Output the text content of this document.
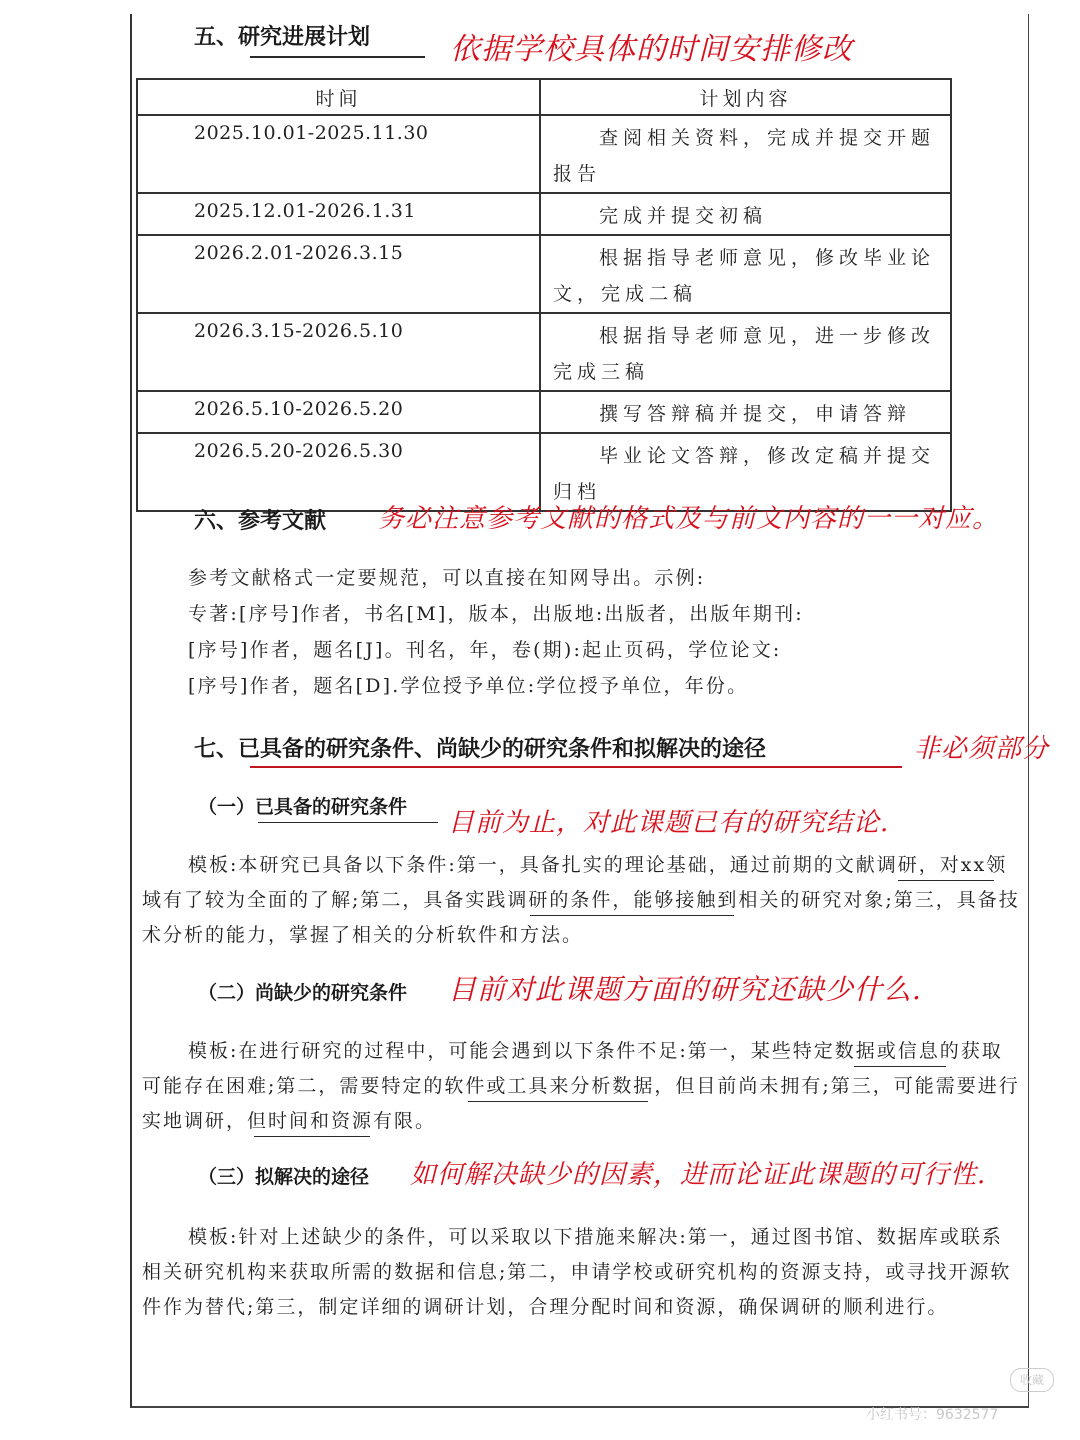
五、研究进展计划	依据学校具体的时间安排修改
时间	计划内容
2025.10.01-2025.11.30	查阅相关资料，完成并提交开题报告
2025.12.01-2026.1.31	完成并提交初稿
2026.2.01-2026.3.15	根据指导老师意见，修改毕业论文，完成二稿
2026.3.15-2026.5.10	根据指导老师意见，进一步修改完成三稿
2026.5.10-2026.5.20	撰写答辩稿并提交，申请答辩
2026.5.20-2026.5.30	毕业论文答辩，修改定稿并提交归档
六、参考文献 务必注意参考文献的格式及与前文内容的一一对应。
参考文献格式一定要规范，可以直接在知网导出。示例:
专著:[序号]作者，书名[M]，版本，出版地:出版者，出版年期刊:
[序号]作者，题名[J]。刊名，年，卷(期):起止页码，学位论文:
[序号]作者，题名[D].学位授予单位:学位授予单位，年份。
七、已具备的研究条件、尚缺少的研究条件和拟解决的途径	非必须部分
（一）已具备的研究条件
目前为止，对此课题已有的研究结论.
模板:本研究已具备以下条件:第一，具备扎实的理论基础，通过前期的文献调研，对xx领域有了较为全面的了解;第二，具备实践调研的条件，能够接触到相关的研究对象;第三，具备技术分析的能力，掌握了相关的分析软件和方法。
（二）尚缺少的研究条件 目前对此课题方面的研究还缺少什么.
模板:在进行研究的过程中，可能会遇到以下条件不足:第一，某些特定数据或信息的获取可能存在困难;第二，需要特定的软件或工具来分析数据，但目前尚未拥有;第三，可能需要进行实地调研，但时间和资源有限。
（三）拟解决的途径 如何解决缺少的因素，进而论证此课题的可行性.
模板:针对上述缺少的条件，可以采取以下措施来解决:第一，通过图书馆、数据库或联系相关研究机构来获取所需的数据和信息;第二，申请学校或研究机构的资源支持，或寻找开源软件作为替代;第三，制定详细的调研计划，合理分配时间和资源，确保调研的顺利进行。
收藏
小红书号：9632577
